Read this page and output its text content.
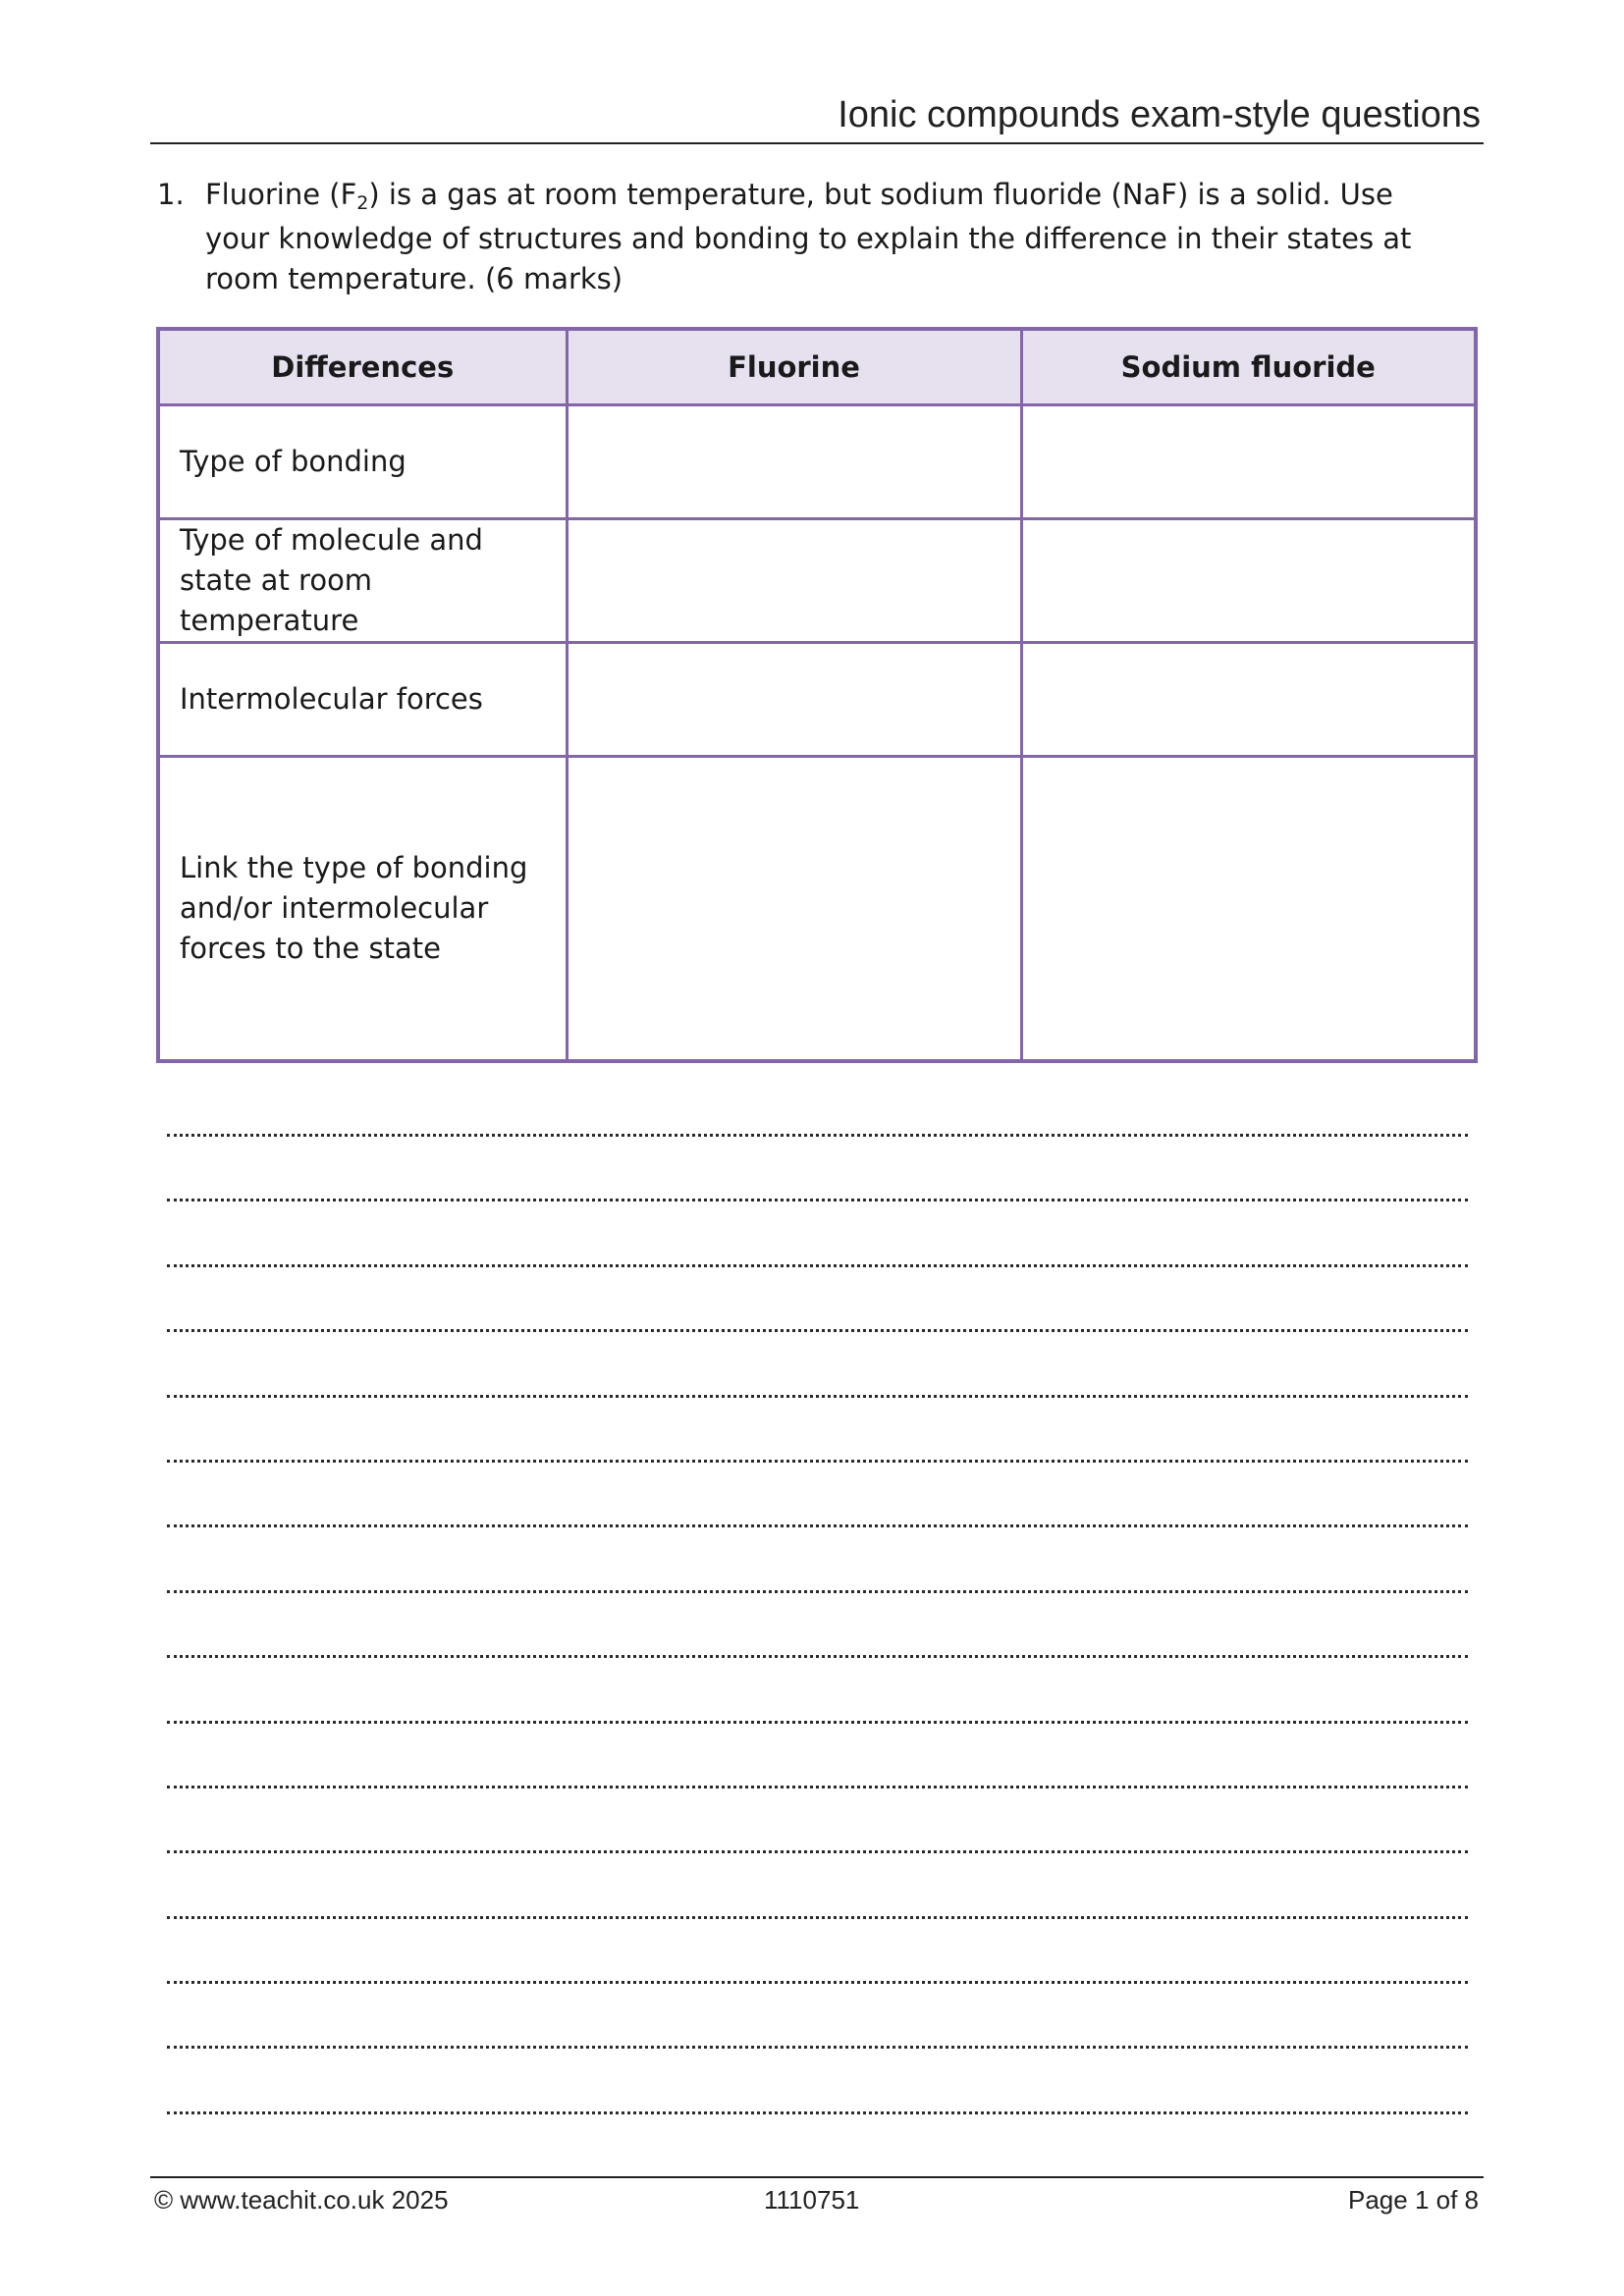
Ionic compounds exam-style questions
1. Fluorine $(F_2)$ is a gas at room temperature, but sodium fluoride (NaF) is a solid. Use your knowledge of structures and bonding to explain the difference in their states at room temperature. (6 marks)
Differences	Fluorine	Sodium fluoride
Type of bonding		
Type of molecule and state at room temperature		
Intermolecular forces		
Link the type of bonding and/or intermolecular forces to the state		
© www.teachit.co.uk 2025	1110751	Page 1 of 8
